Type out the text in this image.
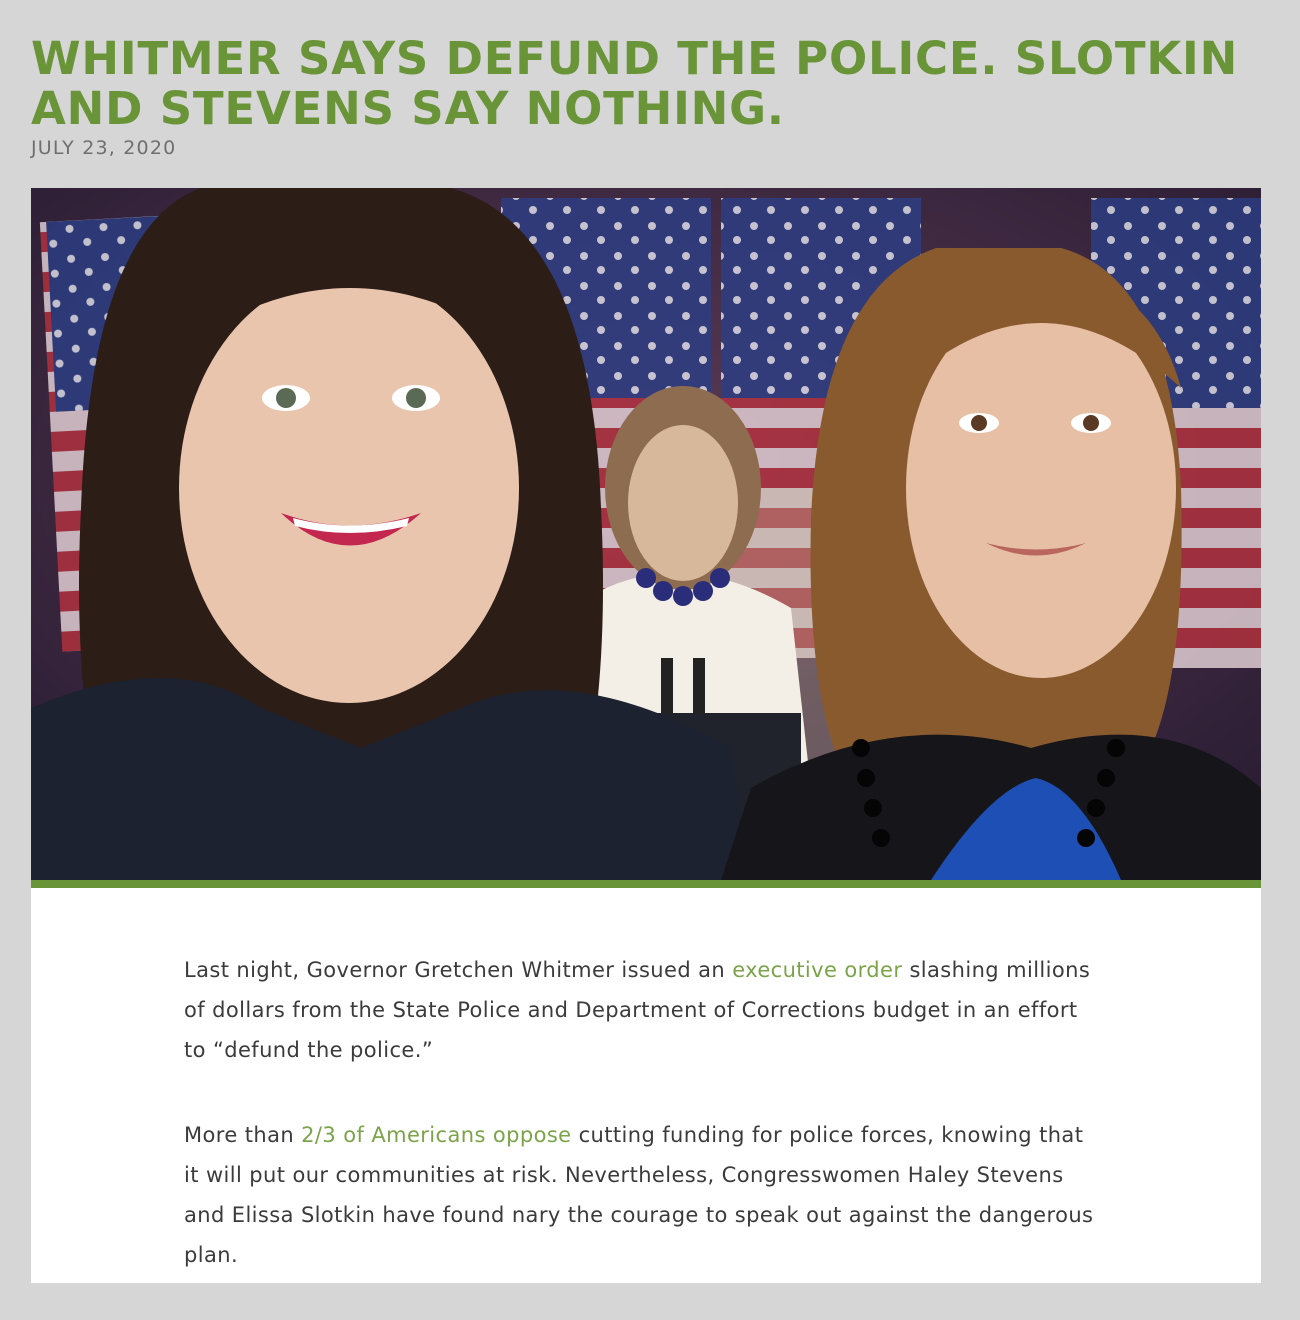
WHITMER SAYS DEFUND THE POLICE. SLOTKIN AND STEVENS SAY NOTHING.
JULY 23, 2020

Last night, Governor Gretchen Whitmer issued an executive order slashing millions of dollars from the State Police and Department of Corrections budget in an effort to “defund the police.”

More than 2/3 of Americans oppose cutting funding for police forces, knowing that it will put our communities at risk. Nevertheless, Congresswomen Haley Stevens and Elissa Slotkin have found nary the courage to speak out against the dangerous plan.
